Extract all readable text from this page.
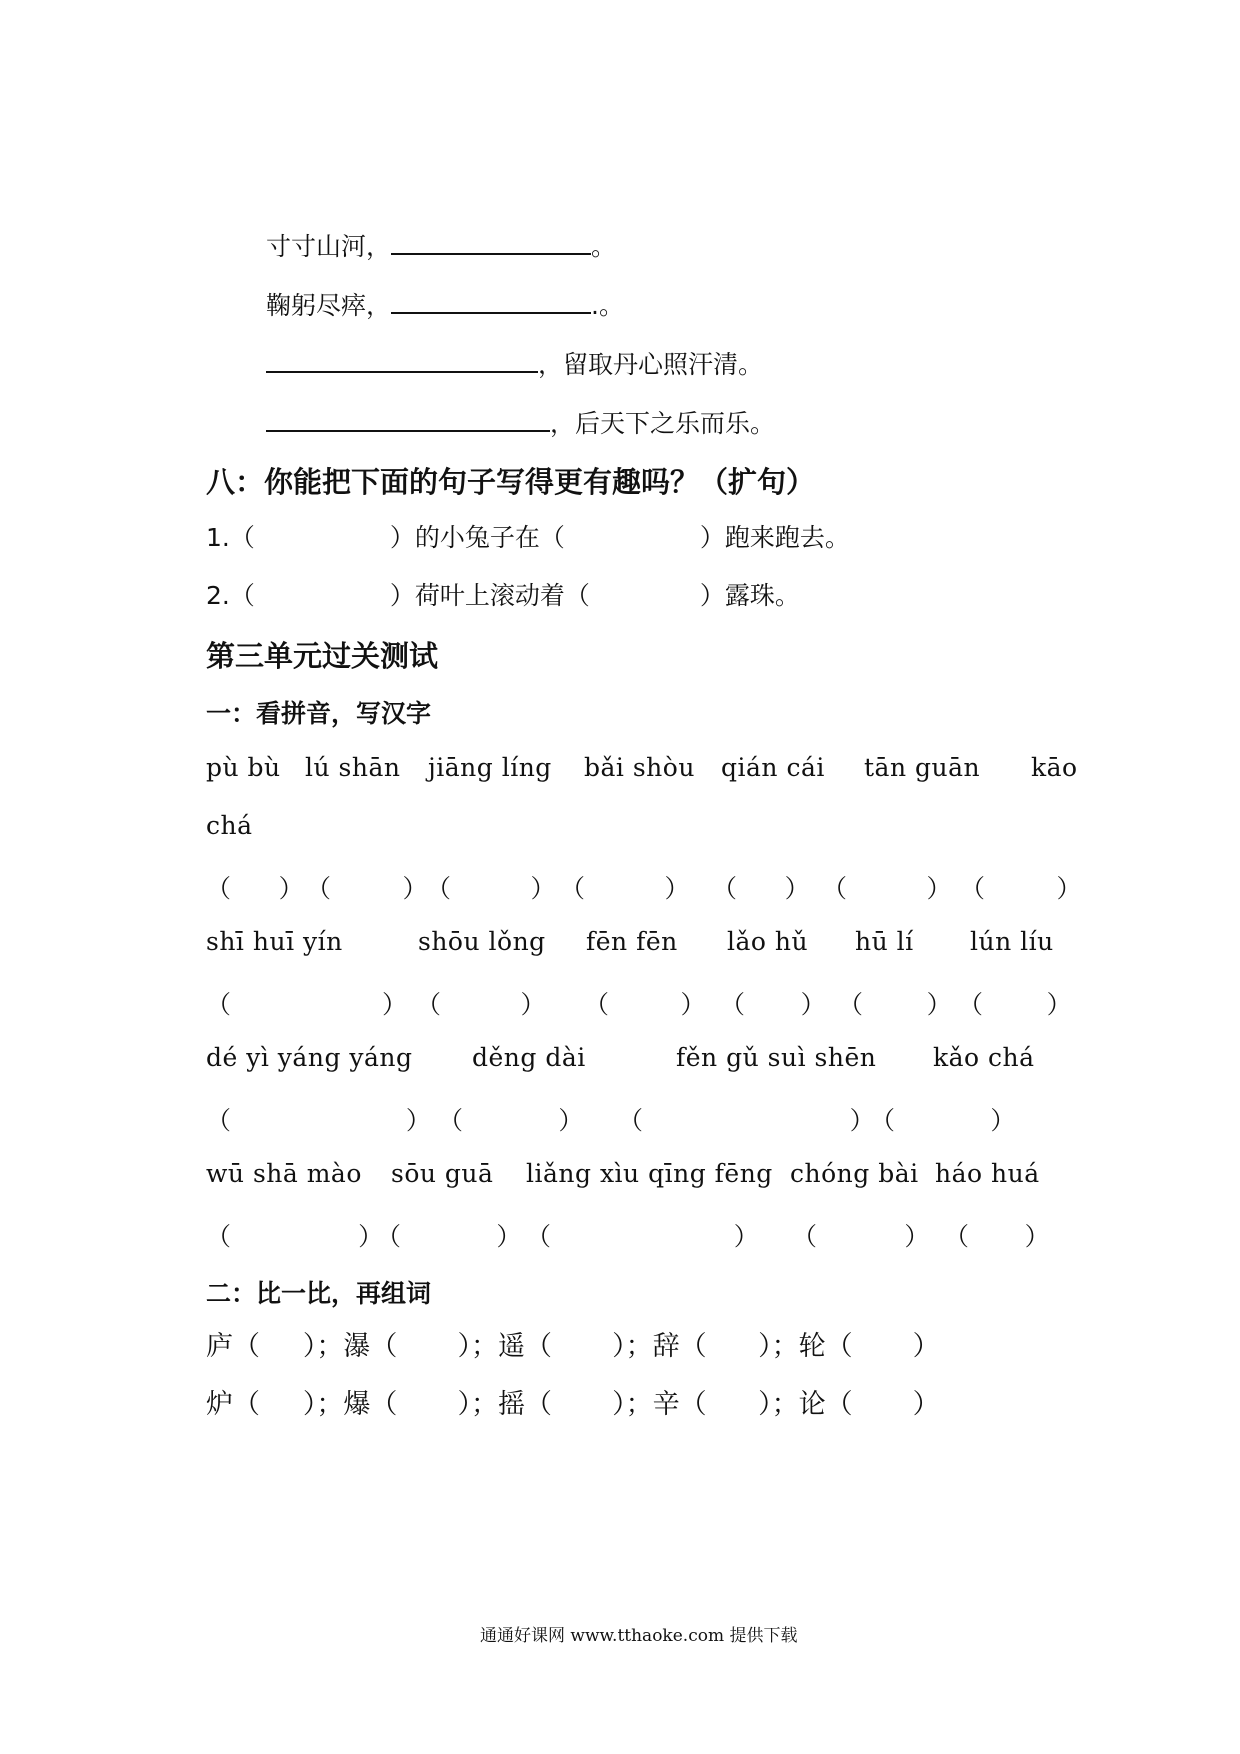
寸寸山河，	。
鞠躬尽瘁，	.。
，留取丹心照汗清。
，后天下之乐而乐。
八：你能把下面的句子写得更有趣吗？（扩句）
1.（	）的小兔子在（	）跑来跑去。
2.（	）荷叶上滚动着（	）露珠。
第三单元过关测试
一：看拼音，写汉字
pù bù lú shān jiāng líng bǎi shòu qián cái tān guān kāo
chá
（      ） （         ）
（          ） （          ） （      ） （          ） （         ）
shī huī yín	shōu lǒng fēn fēn lǎo hǔ hū lí lún líu
（                   ） （          ） （         ） （       ） （        ） （        ）
dé yì yáng yáng děng dài	fěn gǔ suì shēn kǎo chá
（                      ） （            ） （                          ）
（            ）
wū shā mào sōu guā liǎng xìu qīng fēng chóng bài háo huá
（                ）
（            ） （                       ） （           ） （       ）
二：比一比，再组词
庐（     ）；瀑（       ）；遥（       ）；辞（      ）；轮（       ）
炉（     ）；爆（       ）；摇（       ）；辛（      ）；论（       ）
通通好课网 www.tthaoke.com 提供下载
